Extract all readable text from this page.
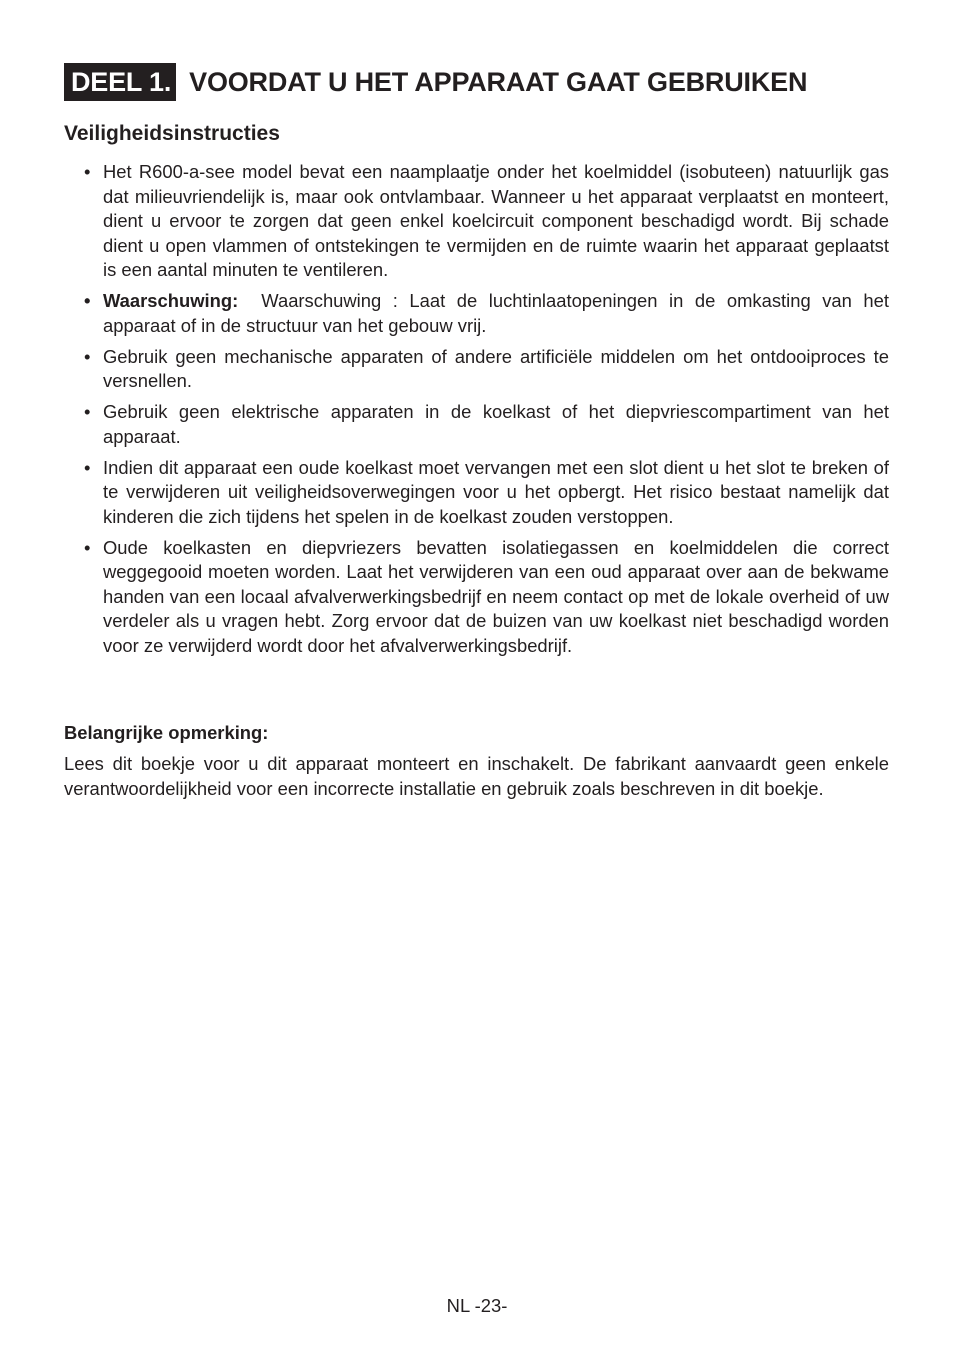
DEEL 1. VOORDAT U HET APPARAAT GAAT GEBRUIKEN
Veiligheidsinstructies
• Het R600-a-see model bevat een naamplaatje onder het koelmiddel (isobuteen) natuurlijk gas dat milieuvriendelijk is, maar ook ontvlambaar. Wanneer u het apparaat verplaatst en monteert, dient u ervoor te zorgen dat geen enkel koelcircuit component beschadigd wordt. Bij schade dient u open vlammen of ontstekingen te vermijden en de ruimte waarin het apparaat geplaatst is een aantal minuten te ventileren.
• Waarschuwing:  Waarschuwing : Laat de luchtinlaatopeningen in de omkasting van het apparaat of in de structuur van het gebouw vrij.
• Gebruik geen mechanische apparaten of andere artificiële middelen om het ontdooiproces te versnellen.
• Gebruik geen elektrische apparaten in de koelkast of het diepvriescompartiment van het apparaat.
• Indien dit apparaat een oude koelkast moet vervangen met een slot dient u het slot te breken of te verwijderen uit veiligheidsoverwegingen voor u het opbergt. Het risico bestaat namelijk dat kinderen die zich tijdens het spelen in de koelkast zouden verstoppen.
• Oude koelkasten en diepvriezers bevatten isolatiegassen en koelmiddelen die correct weggegooid moeten worden. Laat het verwijderen van een oud apparaat over aan de bekwame handen van een locaal afvalverwerkingsbedrijf en neem contact op met de lokale overheid of uw verdeler als u vragen hebt. Zorg ervoor dat de buizen van uw koelkast niet beschadigd worden voor ze verwijderd wordt door het afvalverwerkingsbedrijf.
Belangrijke opmerking:

Lees dit boekje voor u dit apparaat monteert en inschakelt. De fabrikant aanvaardt geen enkele verantwoordelijkheid voor een incorrecte installatie en gebruik zoals beschreven in dit boekje.

NL -23-
